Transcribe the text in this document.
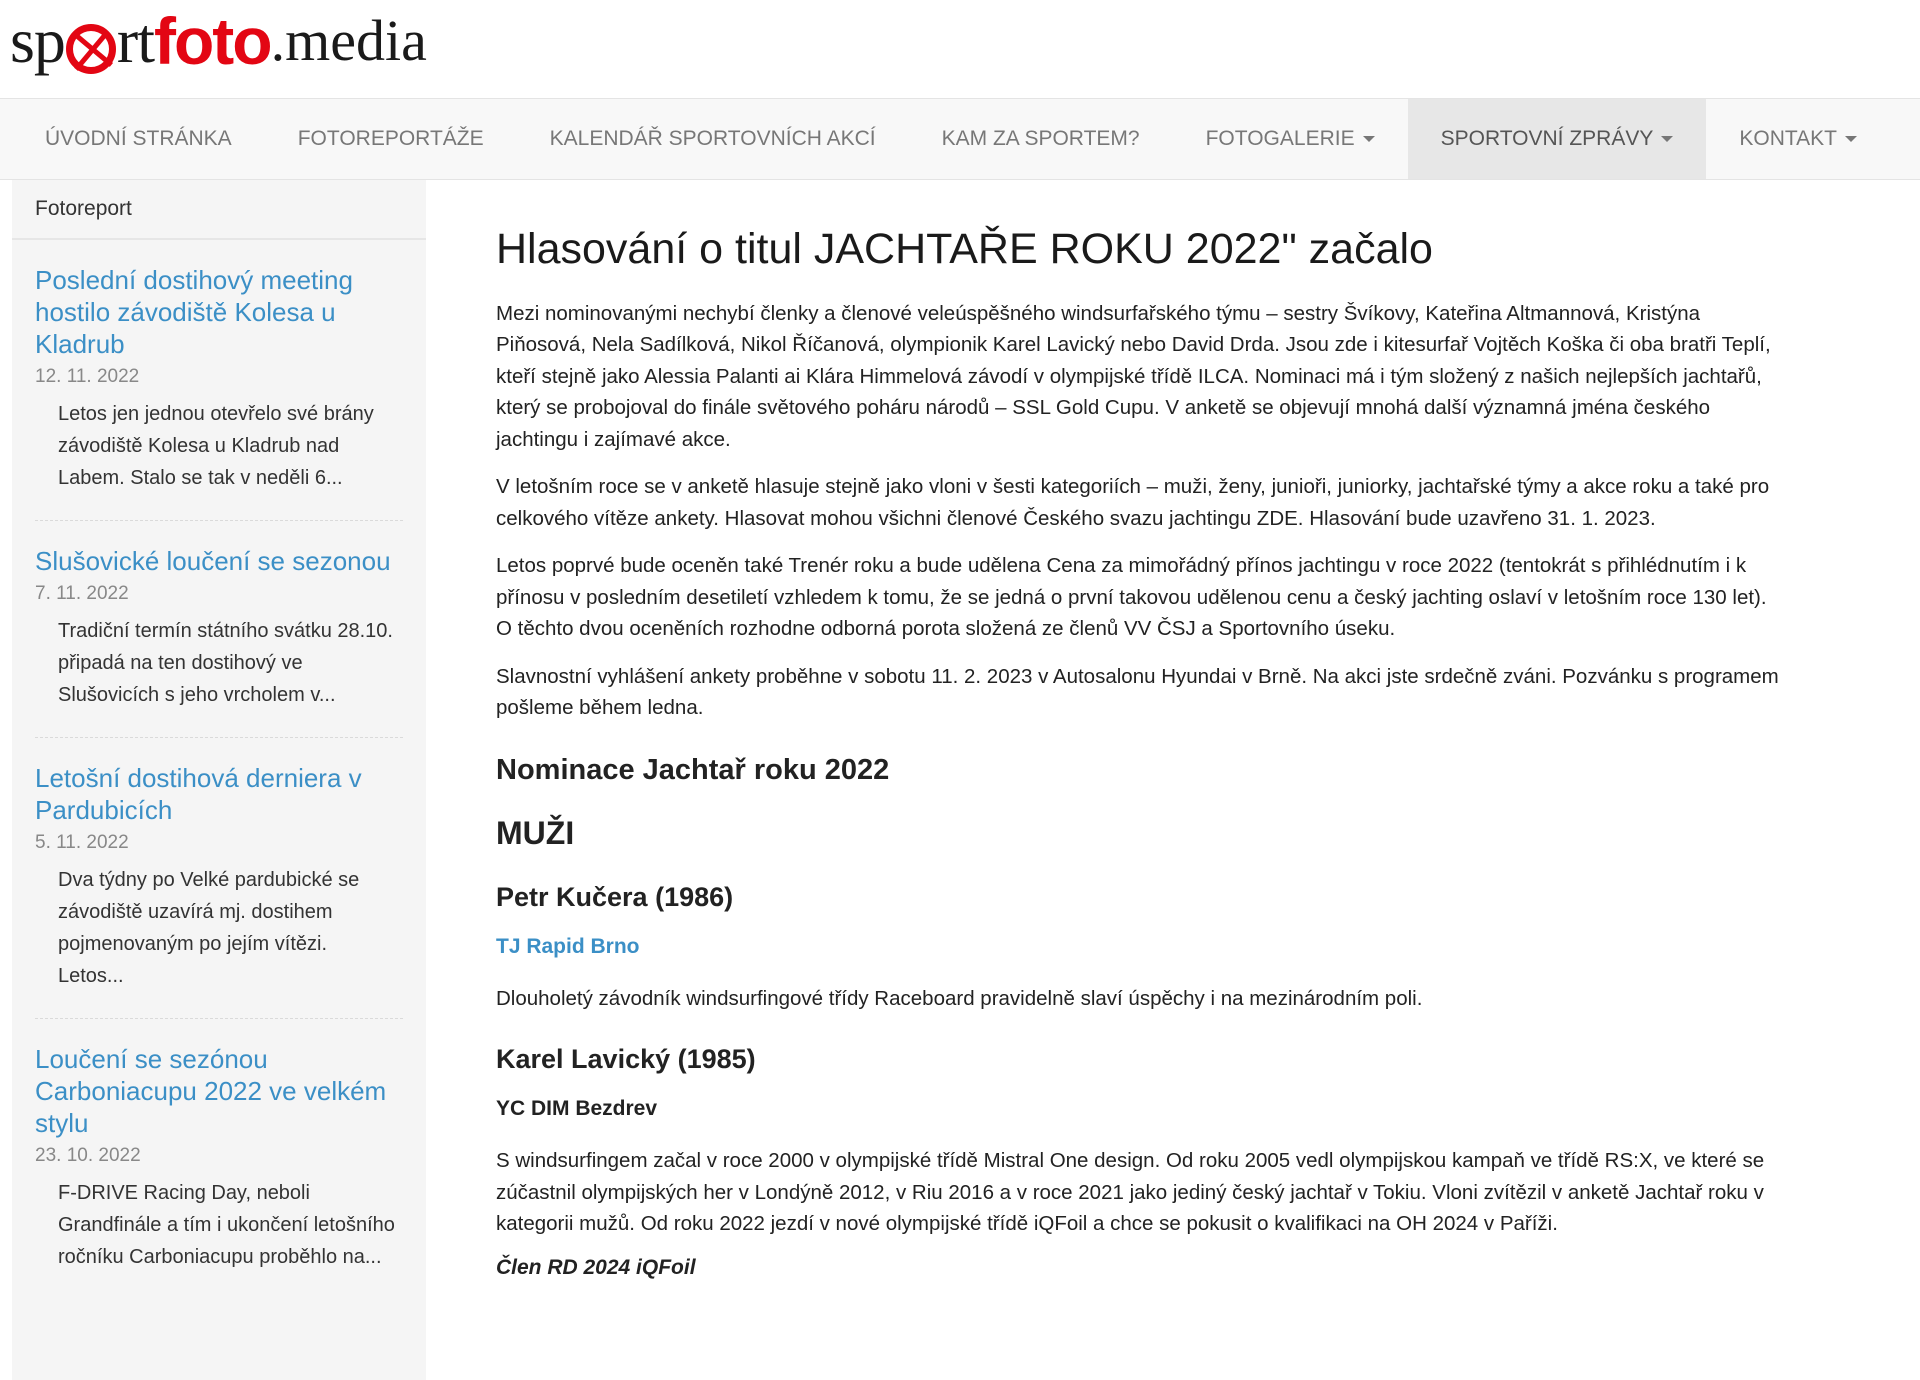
sp rt foto .media
ÚVODNÍ STRÁNKA	FOTOREPORTÁŽE	KALENDÁŘ SPORTOVNÍCH AKCÍ	KAM ZA SPORTEM?	FOTOGALERIE	SPORTOVNÍ ZPRÁVY	KONTAKT
Fotoreport
Poslední dostihový meeting hostilo závodiště Kolesa u Kladrub
12. 11. 2022
Letos jen jednou otevřelo své brány závodiště Kolesa u Kladrub nad Labem. Stalo se tak v neděli 6...
Slušovické loučení se sezonou
7. 11. 2022
Tradiční termín státního svátku 28.10. připadá na ten dostihový ve Slušovicích s jeho vrcholem v...
Letošní dostihová derniera v Pardubicích
5. 11. 2022
Dva týdny po Velké pardubické se závodiště uzavírá mj. dostihem pojmenovaným po jejím vítězi. Letos...
Loučení se sezónou Carboniacupu 2022 ve velkém stylu
23. 10. 2022
F-DRIVE Racing Day, neboli Grandfinále a tím i ukončení letošního ročníku Carboniacupu proběhlo na...
Hlasování o titul JACHTAŘE ROKU 2022" začalo

Mezi nominovanými nechybí členky a členové veleúspěšného windsurfařského týmu – sestry Švíkovy, Kateřina Altmannová, Kristýna Piňosová, Nela Sadílková, Nikol Říčanová, olympionik Karel Lavický nebo David Drda. Jsou zde i kitesurfař Vojtěch Koška či oba bratři Teplí, kteří stejně jako Alessia Palanti ai Klára Himmelová závodí v olympijské třídě ILCA. Nominaci má i tým složený z našich nejlepších jachtařů, který se probojoval do finále světového poháru národů – SSL Gold Cupu. V anketě se objevují mnohá další významná jména českého jachtingu i zajímavé akce.

V letošním roce se v anketě hlasuje stejně jako vloni v šesti kategoriích – muži, ženy, junioři, juniorky, jachtařské týmy a akce roku a také pro celkového vítěze ankety. Hlasovat mohou všichni členové Českého svazu jachtingu ZDE. Hlasování bude uzavřeno 31. 1. 2023.

Letos poprvé bude oceněn také Trenér roku a bude udělena Cena za mimořádný přínos jachtingu v roce 2022 (tentokrát s přihlédnutím i k přínosu v posledním desetiletí vzhledem k tomu, že se jedná o první takovou udělenou cenu a český jachting oslaví v letošním roce 130 let). O těchto dvou oceněních rozhodne odborná porota složená ze členů VV ČSJ a Sportovního úseku.

Slavnostní vyhlášení ankety proběhne v sobotu 11. 2. 2023 v Autosalonu Hyundai v Brně. Na akci jste srdečně zváni. Pozvánku s programem pošleme během ledna.

Nominace Jachtař roku 2022
MUŽI
Petr Kučera (1986)
TJ Rapid Brno

Dlouholetý závodník windsurfingové třídy Raceboard pravidelně slaví úspěchy i na mezinárodním poli.

Karel Lavický (1985)
YC DIM Bezdrev

S windsurfingem začal v roce 2000 v olympijské třídě Mistral One design. Od roku 2005 vedl olympijskou kampaň ve třídě RS:X, ve které se zúčastnil olympijských her v Londýně 2012, v Riu 2016 a v roce 2021 jako jediný český jachtař v Tokiu. Vloni zvítězil v anketě Jachtař roku v kategorii mužů. Od roku 2022 jezdí v nové olympijské třídě iQFoil a chce se pokusit o kvalifikaci na OH 2024 v Paříži.

Člen RD 2024 iQFoil
